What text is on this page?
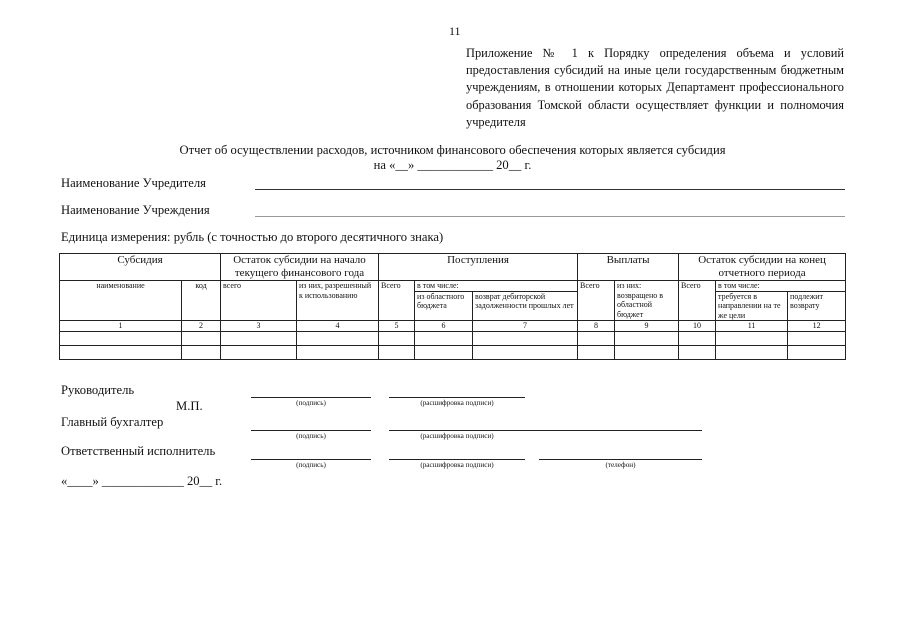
11
Приложение № 1 к Порядку определения объема и условий предоставления субсидий на иные цели государственным бюджетным учреждениям, в отношении которых Департамент профессионального образования Томской области осуществляет функции и полномочия учредителя
Отчет об осуществлении расходов, источником финансового обеспечения которых является субсидия
на «__» ____________ 20__ г.
Наименование Учредителя
Наименование Учреждения
Единица измерения: рубль (с точностью до второго десятичного знака)
Субсидия		Остаток субсидии на начало текущего финансового года		Поступления			Выплаты		Остаток субсидии на конец отчетного периода		
наименование	код	всего	из них, разрешенный к использованию	Всего	в том числе:		Всего	из них: возвращено в областной бюджет	Всего	в том числе:	
					из областного бюджета	возврат дебиторской задолженности прошлых лет				требуется в направлении на те же цели	подлежит возврату
1	2	3	4	5	6	7	8	9	10	11	12

Руководитель
(подпись)	(расшифровка подписи)
М.П.
Главный бухгалтер
(подпись)	(расшифровка подписи)
Ответственный исполнитель
(подпись)	(расшифровка подписи)	(телефон)
«____» _____________ 20__ г.
